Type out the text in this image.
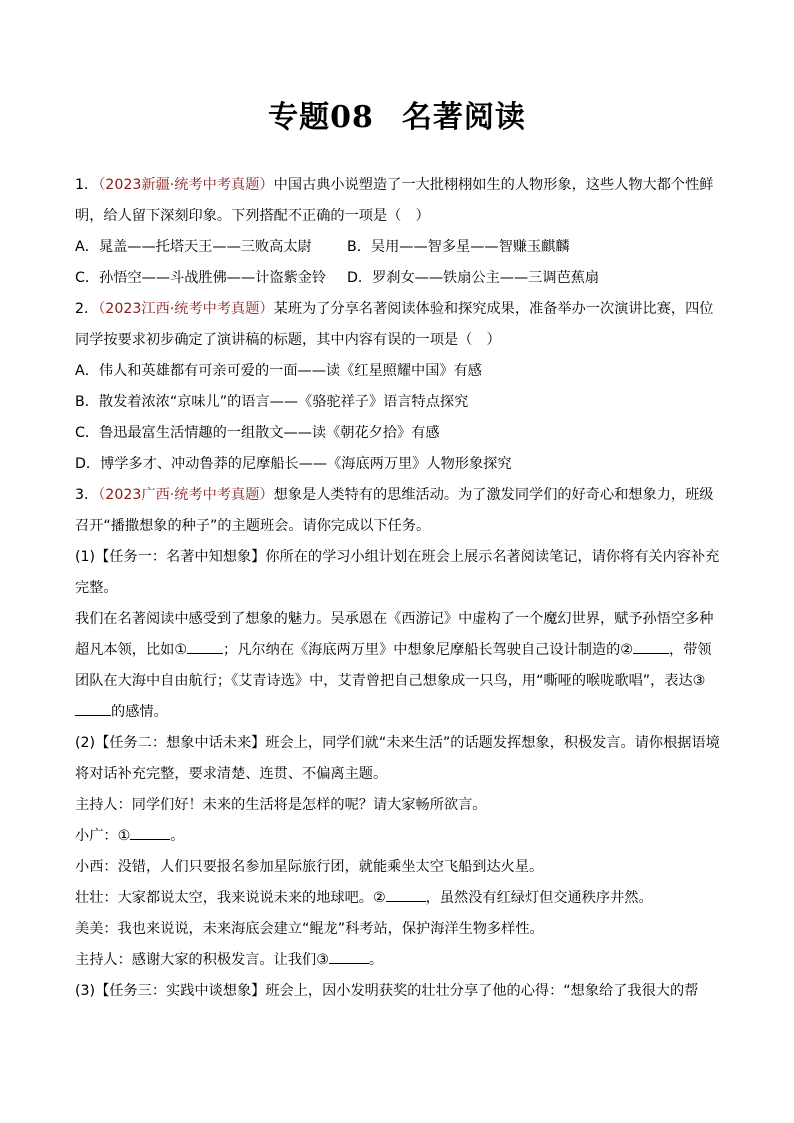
专题08 名著阅读

1．（2023新疆·统考中考真题）中国古典小说塑造了一大批栩栩如生的人物形象，这些人物大都个性鲜明，给人留下深刻印象。下列搭配不正确的一项是（　）

A．晁盖——托塔天王——三败高太尉	B．吴用——智多星——智赚玉麒麟
C．孙悟空——斗战胜佛——计盗紫金铃	D．罗刹女——铁扇公主——三调芭蕉扇

2．（2023江西·统考中考真题）某班为了分享名著阅读体验和探究成果，准备举办一次演讲比赛，四位同学按要求初步确定了演讲稿的标题，其中内容有误的一项是（　）

A．伟人和英雄都有可亲可爱的一面——读《红星照耀中国》有感

B．散发着浓浓“京味儿”的语言——《骆驼祥子》语言特点探究

C．鲁迅最富生活情趣的一组散文——读《朝花夕拾》有感

D．博学多才、冲动鲁莽的尼摩船长——《海底两万里》人物形象探究

3．（2023广西·统考中考真题）想象是人类特有的思维活动。为了激发同学们的好奇心和想象力，班级召开“播撒想象的种子”的主题班会。请你完成以下任务。

(1)【任务一：名著中知想象】你所在的学习小组计划在班会上展示名著阅读笔记，请你将有关内容补充完整。

我们在名著阅读中感受到了想象的魅力。吴承恩在《西游记》中虚构了一个魔幻世界，赋予孙悟空多种超凡本领，比如①	；凡尔纳在《海底两万里》中想象尼摩船长驾驶自己设计制造的②	，带领团队在大海中自由航行；《艾青诗选》中，艾青曾把自己想象成一只鸟，用“嘶哑的喉咙歌唱”，表达③的感情。

(2)【任务二：想象中话未来】班会上，同学们就“未来生活”的话题发挥想象，积极发言。请你根据语境将对话补充完整，要求清楚、连贯、不偏离主题。

主持人：同学们好！未来的生活将是怎样的呢？请大家畅所欲言。

小广：①	。

小西：没错，人们只要报名参加星际旅行团，就能乘坐太空飞船到达火星。

壮壮：大家都说太空，我来说说未来的地球吧。②	，虽然没有红绿灯但交通秩序井然。

美美：我也来说说，未来海底会建立“鲲龙”科考站，保护海洋生物多样性。

主持人：感谢大家的积极发言。让我们③	。

(3)【任务三：实践中谈想象】班会上，因小发明获奖的壮壮分享了他的心得：“想象给了我很大的帮
